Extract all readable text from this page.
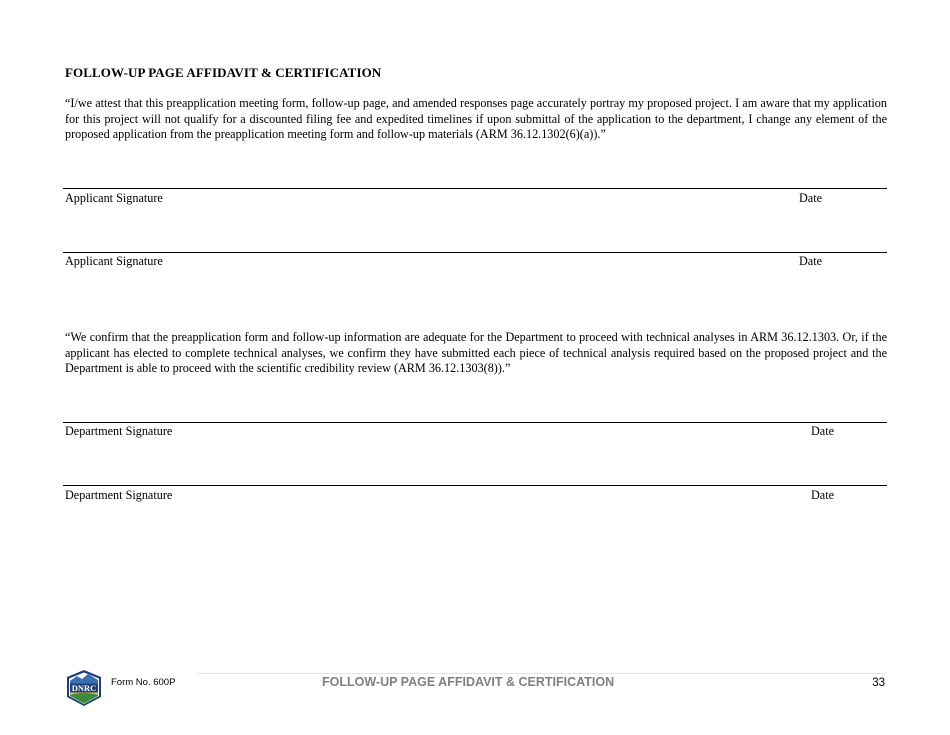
FOLLOW-UP PAGE AFFIDAVIT & CERTIFICATION
“I/we attest that this preapplication meeting form, follow-up page, and amended responses page accurately portray my proposed project. I am aware that my application for this project will not qualify for a discounted filing fee and expedited timelines if upon submittal of the application to the department, I change any element of the proposed application from the preapplication meeting form and follow-up materials (ARM 36.12.1302(6)(a)).”
Applicant Signature	Date
Applicant Signature	Date
“We confirm that the preapplication form and follow-up information are adequate for the Department to proceed with technical analyses in ARM 36.12.1303. Or, if the applicant has elected to complete technical analyses, we confirm they have submitted each piece of technical analysis required based on the proposed project and the Department is able to proceed with the scientific credibility review (ARM 36.12.1303(8)).”
Department Signature	Date
Department Signature	Date
DNRC
Form No. 600P	FOLLOW-UP PAGE AFFIDAVIT & CERTIFICATION	33
